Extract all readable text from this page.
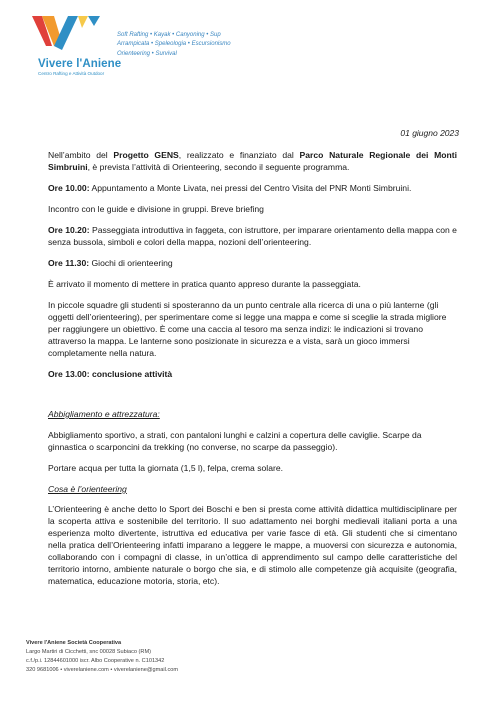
Vivere l'Aniene
Centro Rafting e Attività Outdoor
Soft Rafting • Kayak • Canyoning • Sup
Arrampicata • Speleologia • Escursionismo
Orienteering • Survival
01 giugno 2023

Nell’ambito del Progetto GENS, realizzato e finanziato dal Parco Naturale Regionale dei Monti Simbruini, è prevista l’attività di Orienteering, secondo il seguente programma.

Ore 10.00: Appuntamento a Monte Livata, nei pressi del Centro Visita del PNR Monti Simbruini.

Incontro con le guide e divisione in gruppi. Breve briefing

Ore 10.20: Passeggiata introduttiva in faggeta, con istruttore, per imparare orientamento della mappa con e senza bussola, simboli e colori della mappa, nozioni dell’orienteering.

Ore 11.30: Giochi di orienteering

È arrivato il momento di mettere in pratica quanto appreso durante la passeggiata.

In piccole squadre gli studenti si sposteranno da un punto centrale alla ricerca di una o più lanterne (gli oggetti dell’orienteering), per sperimentare come si legge una mappa e come si sceglie la strada migliore per raggiungere un obiettivo. È come una caccia al tesoro ma senza indizi: le indicazioni si trovano attraverso la mappa. Le lanterne sono posizionate in sicurezza e a vista, sarà un gioco immersi completamente nella natura.

Ore 13.00: conclusione attività

Abbigliamento e attrezzatura:

Abbigliamento sportivo, a strati, con pantaloni lunghi e calzini a copertura delle caviglie. Scarpe da ginnastica o scarponcini da trekking (no converse, no scarpe da passeggio).

Portare acqua per tutta la giornata (1,5 l), felpa, crema solare.

Cosa è l’orienteering

L’Orienteering è anche detto lo Sport dei Boschi e ben si presta come attività didattica multidisciplinare per la scoperta attiva e sostenibile del territorio. Il suo adattamento nei borghi medievali italiani porta a una esperienza molto divertente, istruttiva ed educativa per varie fasce di età. Gli studenti che si cimentano nella pratica dell’Orienteering infatti imparano a leggere le mappe, a muoversi con sicurezza e autonomia, collaborando con i compagni di classe, in un’ottica di apprendimento sul campo delle caratteristiche del territorio intorno, ambiente naturale o borgo che sia, e di stimolo alle competenze già acquisite (geografia, matematica, educazione motoria, storia, etc).

Vivere l'Aniene Società Cooperativa
Largo Martiri di Cicchetti, snc 00028 Subiaco (RM)
c.f./p.i. 12844601000 iscr. Albo Cooperative n. C101342
320 9681006 • viverelaniene.com • viverelaniene@gmail.com
